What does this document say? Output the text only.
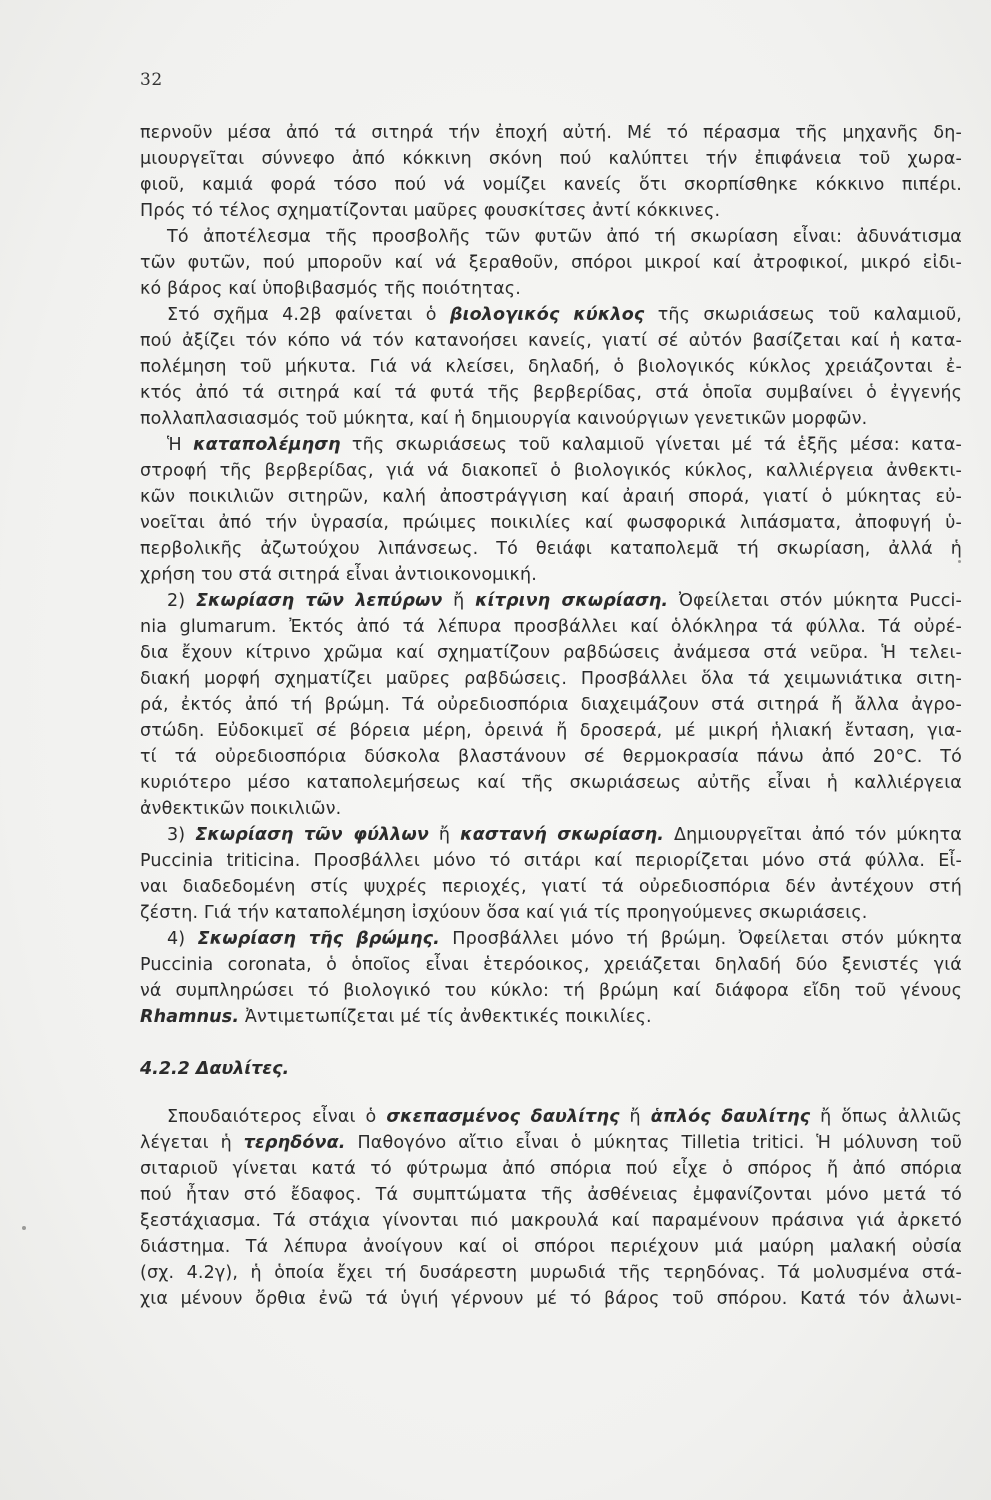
32
περνοῦν μέσα ἀπό τά σιτηρά τήν ἐποχή αὐτή. Μέ τό πέρασμα τῆς μηχανῆς δη-
μιουργεῖται σύννεφο ἀπό κόκκινη σκόνη πού καλύπτει τήν ἐπιφάνεια τοῦ χωρα-
φιοῦ, καμιά φορά τόσο πού νά νομίζει κανείς ὅτι σκορπίσθηκε κόκκινο πιπέρι.
Πρός τό τέλος σχηματίζονται μαῦρες φουσκίτσες ἀντί κόκκινες.
Τό ἀποτέλεσμα τῆς προσβολῆς τῶν φυτῶν ἀπό τή σκωρίαση εἶναι: ἀδυνάτισμα
τῶν φυτῶν, πού μποροῦν καί νά ξεραθοῦν, σπόροι μικροί καί ἀτροφικοί, μικρό εἰδι-
κό βάρος καί ὑποβιβασμός τῆς ποιότητας.
Στό σχῆμα 4.2β φαίνεται ὁ βιολογικός κύκλος τῆς σκωριάσεως τοῦ καλαμιοῦ,
πού ἀξίζει τόν κόπο νά τόν κατανοήσει κανείς, γιατί σέ αὐτόν βασίζεται καί ἡ κατα-
πολέμηση τοῦ μήκυτα. Γιά νά κλείσει, δηλαδή, ὁ βιολογικός κύκλος χρειάζονται ἐ-
κτός ἀπό τά σιτηρά καί τά φυτά τῆς βερβερίδας, στά ὁποῖα συμβαίνει ὁ ἐγγενής
πολλαπλασιασμός τοῦ μύκητα, καί ἡ δημιουργία καινούργιων γενετικῶν μορφῶν.
Ἡ καταπολέμηση τῆς σκωριάσεως τοῦ καλαμιοῦ γίνεται μέ τά ἑξῆς μέσα: κατα-
στροφή τῆς βερβερίδας, γιά νά διακοπεῖ ὁ βιολογικός κύκλος, καλλιέργεια ἀνθεκτι-
κῶν ποικιλιῶν σιτηρῶν, καλή ἀποστράγγιση καί ἀραιή σπορά, γιατί ὁ μύκητας εὐ-
νοεῖται ἀπό τήν ὑγρασία, πρώιμες ποικιλίες καί φωσφορικά λιπάσματα, ἀποφυγή ὑ-
περβολικῆς ἀζωτούχου λιπάνσεως. Τό θειάφι καταπολεμᾶ τή σκωρίαση, ἀλλά ἡ
χρήση του στά σιτηρά εἶναι ἀντιοικονομική.
2) Σκωρίαση τῶν λεπύρων ἤ κίτρινη σκωρίαση. Ὀφείλεται στόν μύκητα Pucci-
nia glumarum. Ἐκτός ἀπό τά λέπυρα προσβάλλει καί ὁλόκληρα τά φύλλα. Τά οὐρέ-
δια ἔχουν κίτρινο χρῶμα καί σχηματίζουν ραβδώσεις ἀνάμεσα στά νεῦρα. Ἡ τελει-
διακή μορφή σχηματίζει μαῦρες ραβδώσεις. Προσβάλλει ὅλα τά χειμωνιάτικα σιτη-
ρά, ἐκτός ἀπό τή βρώμη. Τά οὐρεδιοσπόρια διαχειμάζουν στά σιτηρά ἤ ἄλλα ἀγρο-
στώδη. Εὐδοκιμεῖ σέ βόρεια μέρη, ὀρεινά ἤ δροσερά, μέ μικρή ἡλιακή ἔνταση, για-
τί τά οὐρεδιοσπόρια δύσκολα βλαστάνουν σέ θερμοκρασία πάνω ἀπό 20°C. Τό
κυριότερο μέσο καταπολεμήσεως καί τῆς σκωριάσεως αὐτῆς εἶναι ἡ καλλιέργεια
ἀνθεκτικῶν ποικιλιῶν.
3) Σκωρίαση τῶν φύλλων ἤ καστανή σκωρίαση. Δημιουργεῖται ἀπό τόν μύκητα
Puccinia triticina. Προσβάλλει μόνο τό σιτάρι καί περιορίζεται μόνο στά φύλλα. Εἶ-
ναι διαδεδομένη στίς ψυχρές περιοχές, γιατί τά οὐρεδιοσπόρια δέν ἀντέχουν στή
ζέστη. Γιά τήν καταπολέμηση ἰσχύουν ὅσα καί γιά τίς προηγούμενες σκωριάσεις.
4) Σκωρίαση τῆς βρώμης. Προσβάλλει μόνο τή βρώμη. Ὀφείλεται στόν μύκητα
Puccinia coronata, ὁ ὁποῖος εἶναι ἑτερόοικος, χρειάζεται δηλαδή δύο ξενιστές γιά
νά συμπληρώσει τό βιολογικό του κύκλο: τή βρώμη καί διάφορα εἴδη τοῦ γένους
Rhamnus. Ἀντιμετωπίζεται μέ τίς ἀνθεκτικές ποικιλίες.
4.2.2 Δαυλίτες.
Σπουδαιότερος εἶναι ὁ σκεπασμένος δαυλίτης ἤ ἁπλός δαυλίτης ἤ ὅπως ἀλλιῶς
λέγεται ἡ τερηδόνα. Παθογόνο αἴτιο εἶναι ὁ μύκητας Tilletia tritici. Ἡ μόλυνση τοῦ
σιταριοῦ γίνεται κατά τό φύτρωμα ἀπό σπόρια πού εἶχε ὁ σπόρος ἤ ἀπό σπόρια
πού ἦταν στό ἔδαφος. Τά συμπτώματα τῆς ἀσθένειας ἐμφανίζονται μόνο μετά τό
ξεστάχιασμα. Τά στάχια γίνονται πιό μακρουλά καί παραμένουν πράσινα γιά ἀρκετό
διάστημα. Τά λέπυρα ἀνοίγουν καί οἱ σπόροι περιέχουν μιά μαύρη μαλακή οὐσία
(σχ. 4.2γ), ἡ ὁποία ἔχει τή δυσάρεστη μυρωδιά τῆς τερηδόνας. Τά μολυσμένα στά-
χια μένουν ὄρθια ἐνῶ τά ὑγιή γέρνουν μέ τό βάρος τοῦ σπόρου. Κατά τόν ἀλωνι-
